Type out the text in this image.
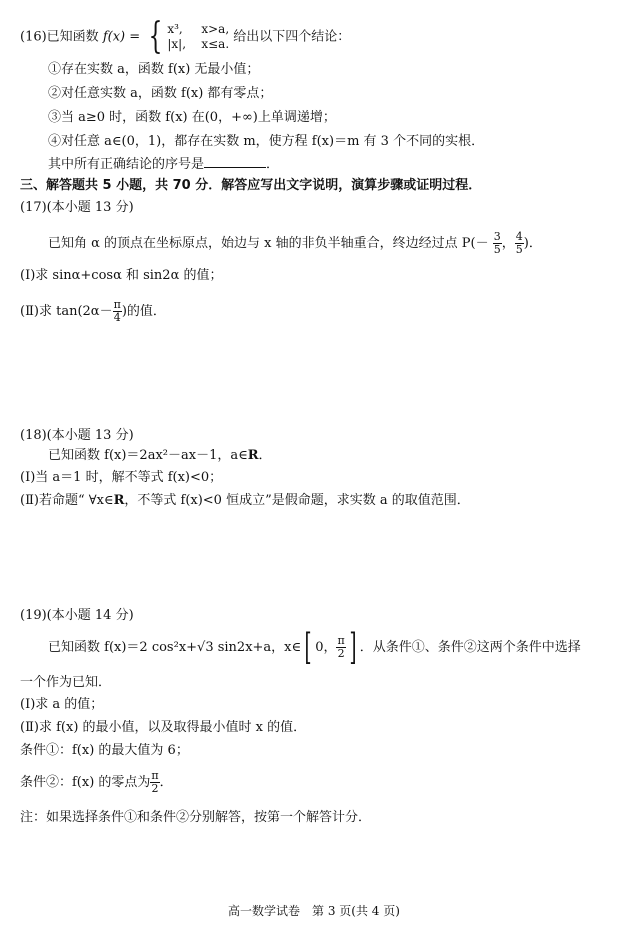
(16)已知函数 f(x) = { x³, x>a,
|x|, x≤a. 给出以下四个结论：
①存在实数 a，函数 f(x) 无最小值；
②对任意实数 a，函数 f(x) 都有零点；
③当 a≥0 时，函数 f(x) 在(0，+∞)上单调递增；
④对任意 a∈(0，1)，都存在实数 m，使方程 f(x)＝m 有 3 个不同的实根．
其中所有正确结论的序号是	．
三、解答题共 5 小题，共 70 分．解答应写出文字说明，演算步骤或证明过程．
(17)(本小题 13 分)
已知角 α 的顶点在坐标原点，始边与 x 轴的非负半轴重合，终边经过点 $P(- \frac{3}{5}$ ， $\frac{4}{5}$ )．
(Ⅰ)求 sinα+cosα 和 sin2α 的值；
(Ⅱ)求 $\tan(2\alpha- \frac{\pi}{4}$ )的值．
(18)(本小题 13 分)
已知函数 f(x)＝2ax²－ax－1，a∈R．
(Ⅰ)当 a＝1 时，解不等式 f(x)<0；
(Ⅱ)若命题“ ∀x∈R，不等式 f(x)<0 恒成立”是假命题，求实数 a 的取值范围．
(19)(本小题 14 分)
已知函数 f(x)＝2 cos²x+√3 sin2x+a，x∈[ 0， $\frac{\pi}{2}$ ] ．从条件①、条件②这两个条件中选择
一个作为已知．
(Ⅰ)求 a 的值；
(Ⅱ)求 f(x) 的最小值，以及取得最小值时 x 的值．
条件①：f(x) 的最大值为 6；
条件②：f(x) 的零点为 $\frac{\pi}{2}$ ．
注：如果选择条件①和条件②分别解答，按第一个解答计分．
高一数学试卷　第 3 页(共 4 页)
